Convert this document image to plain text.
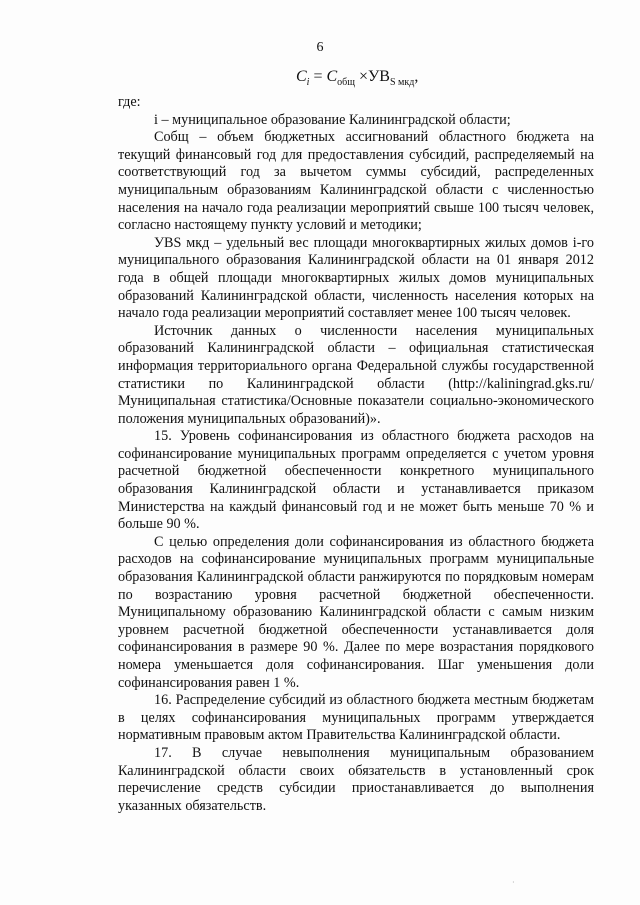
6
$C_i = C_{общ} \times УВ_{S мкд}$,

где:

i – муниципальное образование Калининградской области;

Cобщ – объем бюджетных ассигнований областного бюджета на текущий финансовый год для предоставления субсидий, распределяемый на соответствующий год за вычетом суммы субсидий, распределенных муниципальным образованиям Калининградской области с численностью населения на начало года реализации мероприятий свыше 100 тысяч человек, согласно настоящему пункту условий и методики;

УВS мкд – удельный вес площади многоквартирных жилых домов i-го муниципального образования Калининградской области на 01 января 2012 года в общей площади многоквартирных жилых домов муниципальных образований Калининградской области, численность населения которых на начало года реализации мероприятий составляет менее 100 тысяч человек.

Источник данных о численности населения муниципальных образований Калининградской области – официальная статистическая информация территориального органа Федеральной службы государственной статистики по Калининградской области (http://kaliningrad.gks.ru/Муниципальная статистика/Основные показатели социально-экономического положения муниципальных образований)».

15. Уровень софинансирования из областного бюджета расходов на софинансирование муниципальных программ определяется с учетом уровня расчетной бюджетной обеспеченности конкретного муниципального образования Калининградской области и устанавливается приказом Министерства на каждый финансовый год и не может быть меньше 70 % и больше 90 %.

С целью определения доли софинансирования из областного бюджета расходов на софинансирование муниципальных программ муниципальные образования Калининградской области ранжируются по порядковым номерам по возрастанию уровня расчетной бюджетной обеспеченности. Муниципальному образованию Калининградской области с самым низким уровнем расчетной бюджетной обеспеченности устанавливается доля софинансирования в размере 90 %. Далее по мере возрастания порядкового номера уменьшается доля софинансирования. Шаг уменьшения доли софинансирования равен 1 %.

16. Распределение субсидий из областного бюджета местным бюджетам в целях софинансирования муниципальных программ утверждается нормативным правовым актом Правительства Калининградской области.

17. В случае невыполнения муниципальным образованием Калининградской области своих обязательств в установленный срок перечисление средств субсидии приостанавливается до выполнения указанных обязательств.

·
